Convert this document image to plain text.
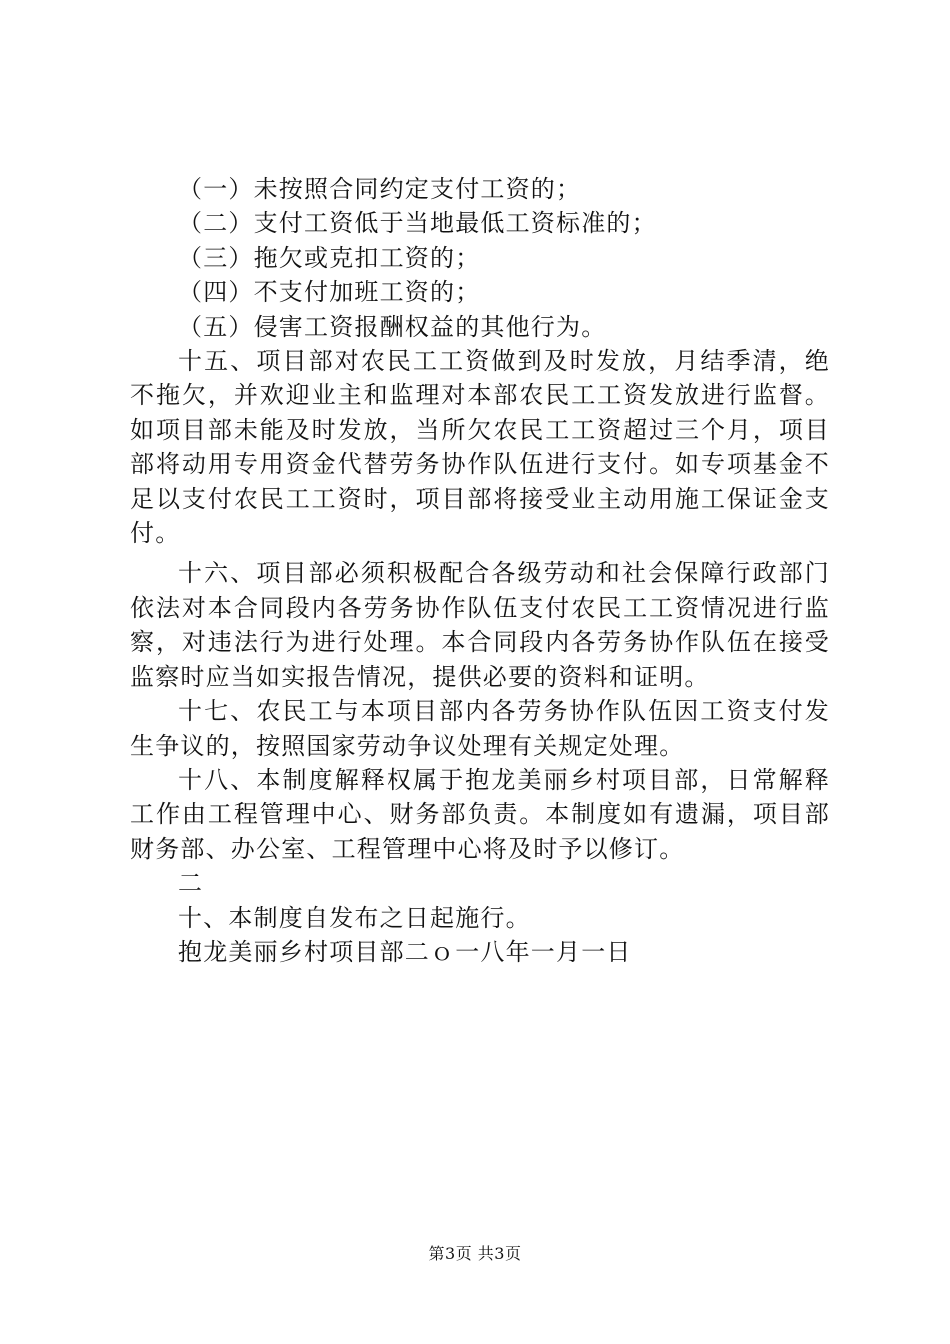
（一）未按照合同约定支付工资的；

（二）支付工资低于当地最低工资标准的；

（三）拖欠或克扣工资的；

（四）不支付加班工资的；

（五）侵害工资报酬权益的其他行为。

十五、项目部对农民工工资做到及时发放，月结季清，绝不拖欠，并欢迎业主和监理对本部农民工工资发放进行监督。如项目部未能及时发放，当所欠农民工工资超过三个月，项目部将动用专用资金代替劳务协作队伍进行支付。如专项基金不足以支付农民工工资时，项目部将接受业主动用施工保证金支付。

十六、项目部必须积极配合各级劳动和社会保障行政部门依法对本合同段内各劳务协作队伍支付农民工工资情况进行监察，对违法行为进行处理。本合同段内各劳务协作队伍在接受监察时应当如实报告情况，提供必要的资料和证明。

十七、农民工与本项目部内各劳务协作队伍因工资支付发生争议的，按照国家劳动争议处理有关规定处理。

十八、本制度解释权属于抱龙美丽乡村项目部，日常解释工作由工程管理中心、财务部负责。本制度如有遗漏，项目部财务部、办公室、工程管理中心将及时予以修订。

二

十、本制度自发布之日起施行。

抱龙美丽乡村项目部二ｏ一八年一月一日

第3页 共3页
